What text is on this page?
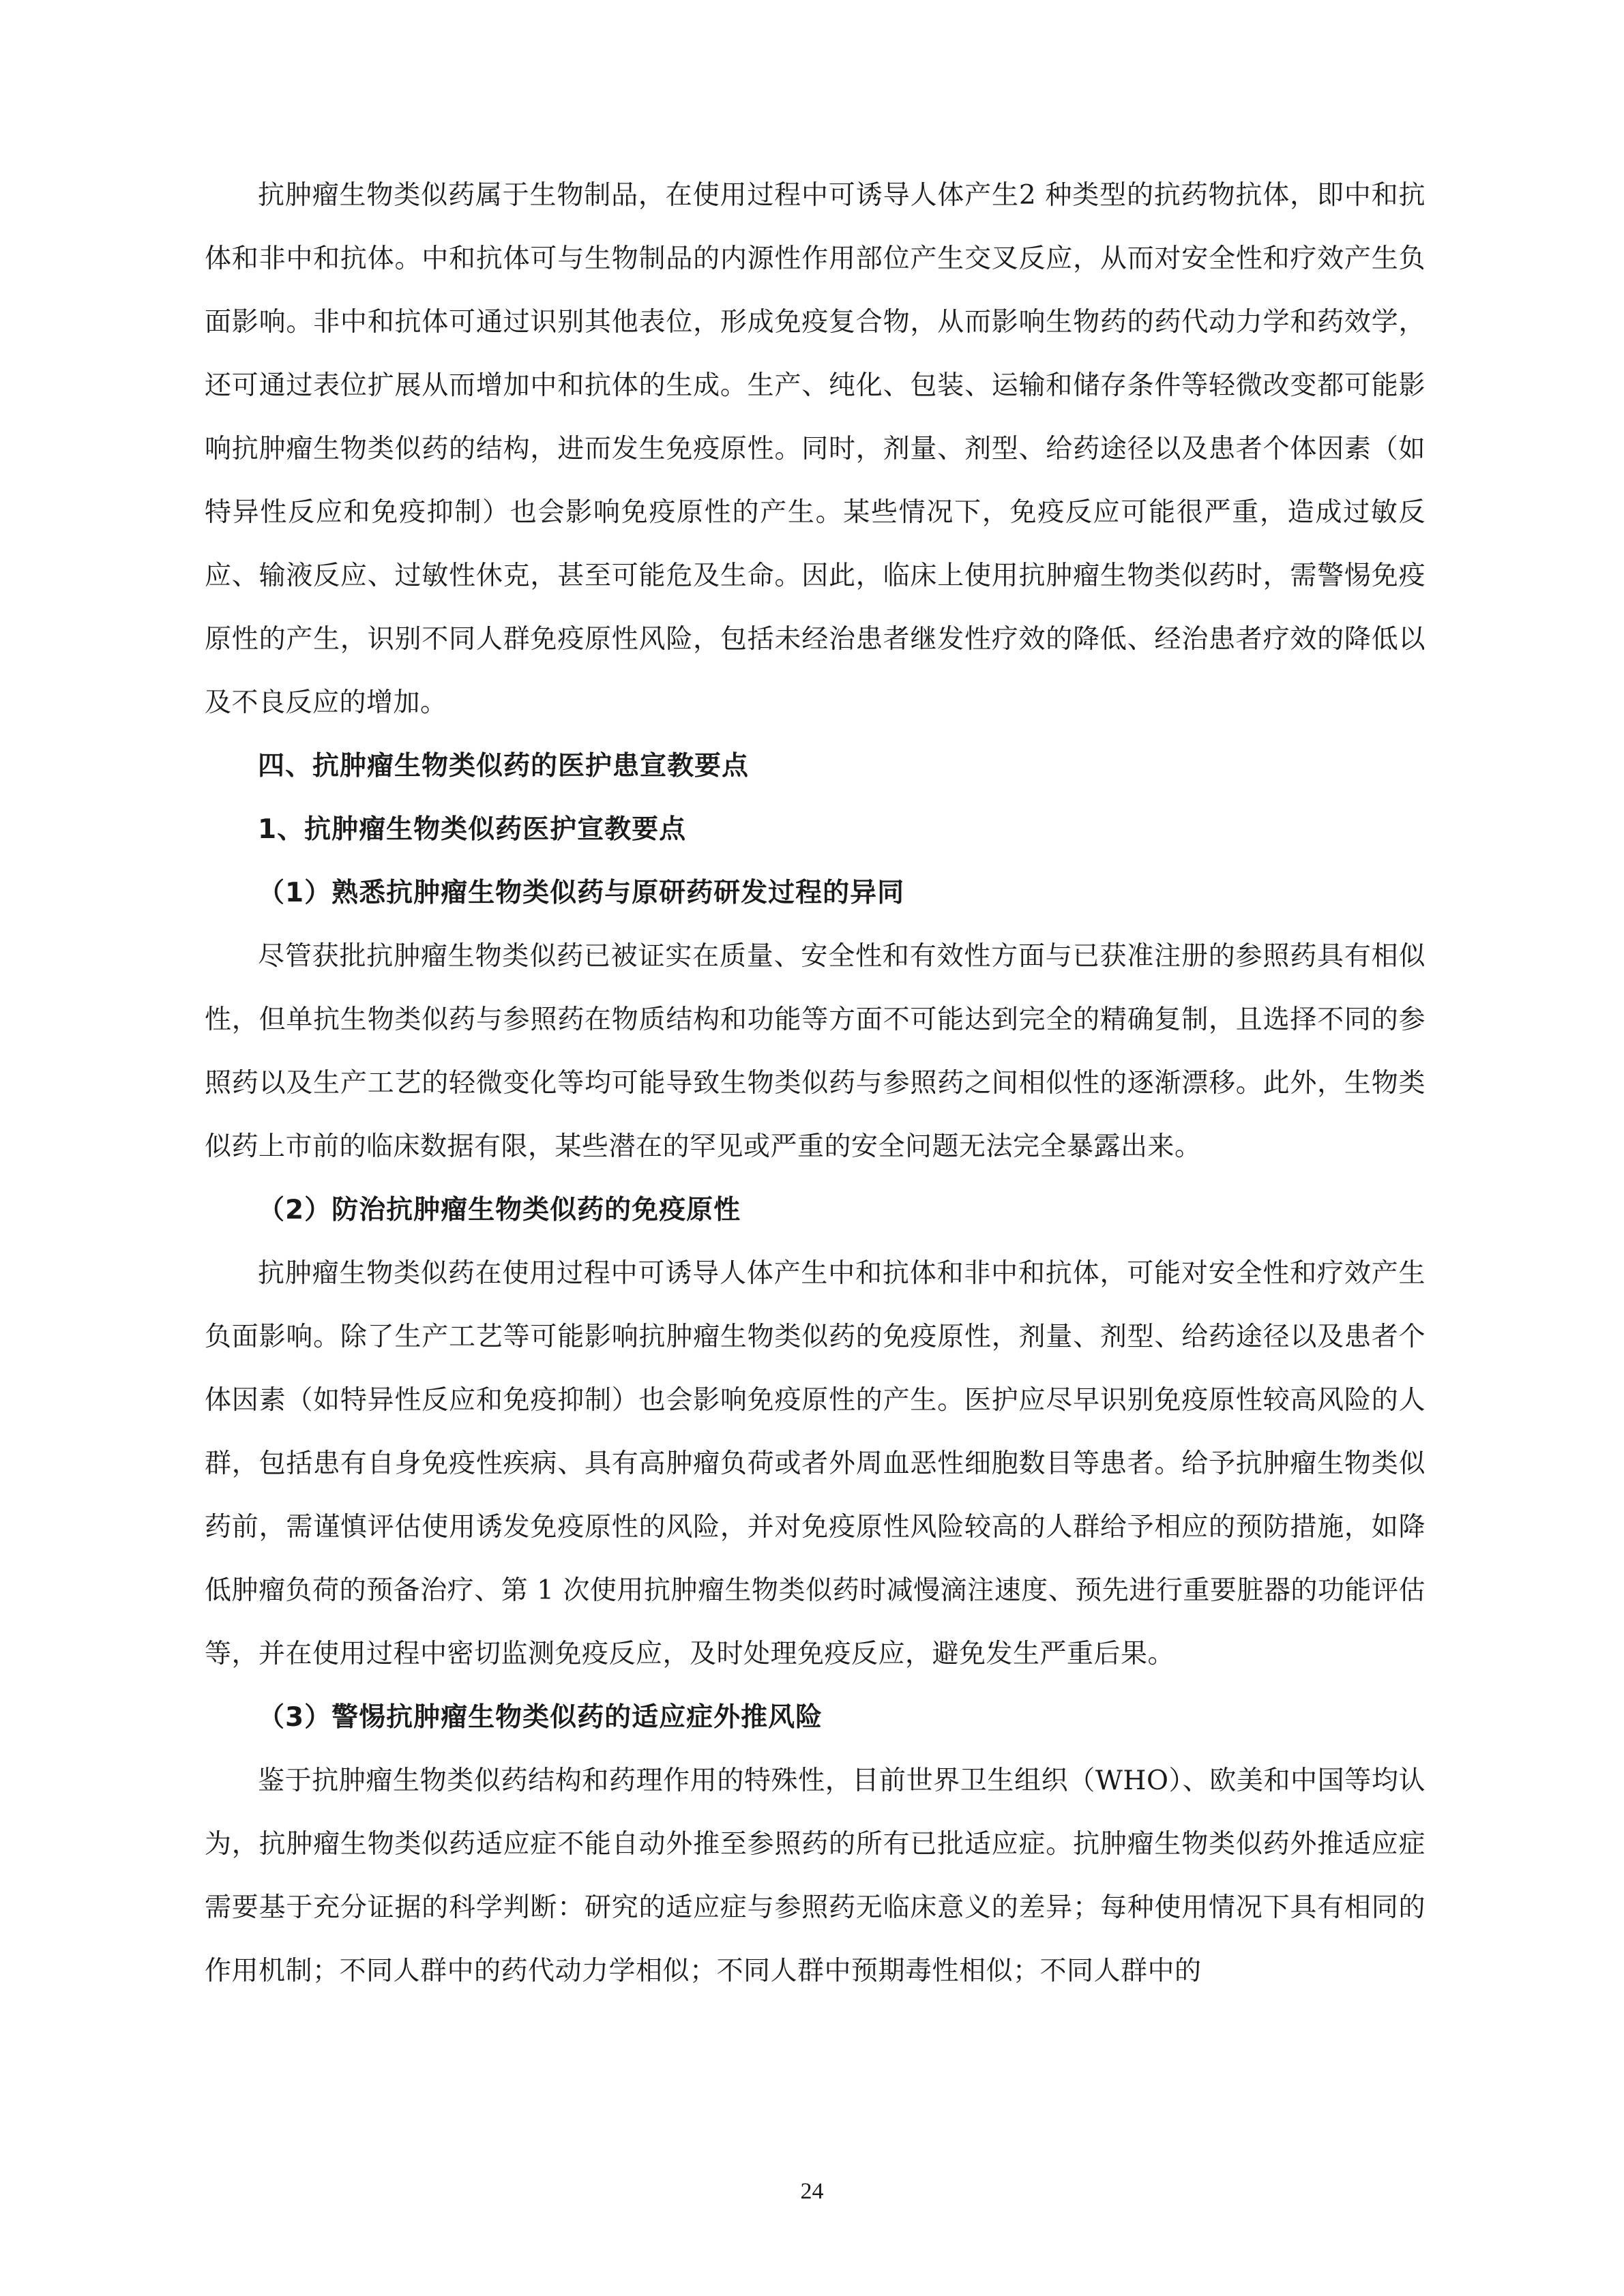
抗肿瘤生物类似药属于生物制品，在使用过程中可诱导人体产生2 种类型的抗药物抗体，即中和抗体和非中和抗体。中和抗体可与生物制品的内源性作用部位产生交叉反应，从而对安全性和疗效产生负面影响。非中和抗体可通过识别其他表位，形成免疫复合物，从而影响生物药的药代动力学和药效学，还可通过表位扩展从而增加中和抗体的生成。生产、纯化、包装、运输和储存条件等轻微改变都可能影响抗肿瘤生物类似药的结构，进而发生免疫原性。同时，剂量、剂型、给药途径以及患者个体因素（如特异性反应和免疫抑制）也会影响免疫原性的产生。某些情况下，免疫反应可能很严重，造成过敏反应、输液反应、过敏性休克，甚至可能危及生命。因此，临床上使用抗肿瘤生物类似药时，需警惕免疫原性的产生，识别不同人群免疫原性风险，包括未经治患者继发性疗效的降低、经治患者疗效的降低以及不良反应的增加。

四、抗肿瘤生物类似药的医护患宣教要点

1、抗肿瘤生物类似药医护宣教要点

（1）熟悉抗肿瘤生物类似药与原研药研发过程的异同

尽管获批抗肿瘤生物类似药已被证实在质量、安全性和有效性方面与已获准注册的参照药具有相似性，但单抗生物类似药与参照药在物质结构和功能等方面不可能达到完全的精确复制，且选择不同的参照药以及生产工艺的轻微变化等均可能导致生物类似药与参照药之间相似性的逐渐漂移。此外，生物类似药上市前的临床数据有限，某些潜在的罕见或严重的安全问题无法完全暴露出来。

（2）防治抗肿瘤生物类似药的免疫原性

抗肿瘤生物类似药在使用过程中可诱导人体产生中和抗体和非中和抗体，可能对安全性和疗效产生负面影响。除了生产工艺等可能影响抗肿瘤生物类似药的免疫原性，剂量、剂型、给药途径以及患者个体因素（如特异性反应和免疫抑制）也会影响免疫原性的产生。医护应尽早识别免疫原性较高风险的人群，包括患有自身免疫性疾病、具有高肿瘤负荷或者外周血恶性细胞数目等患者。给予抗肿瘤生物类似药前，需谨慎评估使用诱发免疫原性的风险，并对免疫原性风险较高的人群给予相应的预防措施，如降低肿瘤负荷的预备治疗、第 1 次使用抗肿瘤生物类似药时减慢滴注速度、预先进行重要脏器的功能评估等，并在使用过程中密切监测免疫反应，及时处理免疫反应，避免发生严重后果。

（3）警惕抗肿瘤生物类似药的适应症外推风险

鉴于抗肿瘤生物类似药结构和药理作用的特殊性，目前世界卫生组织（WHO）、欧美和中国等均认为，抗肿瘤生物类似药适应症不能自动外推至参照药的所有已批适应症。抗肿瘤生物类似药外推适应症需要基于充分证据的科学判断：研究的适应症与参照药无临床意义的差异；每种使用情况下具有相同的作用机制；不同人群中的药代动力学相似；不同人群中预期毒性相似；不同人群中的

24
